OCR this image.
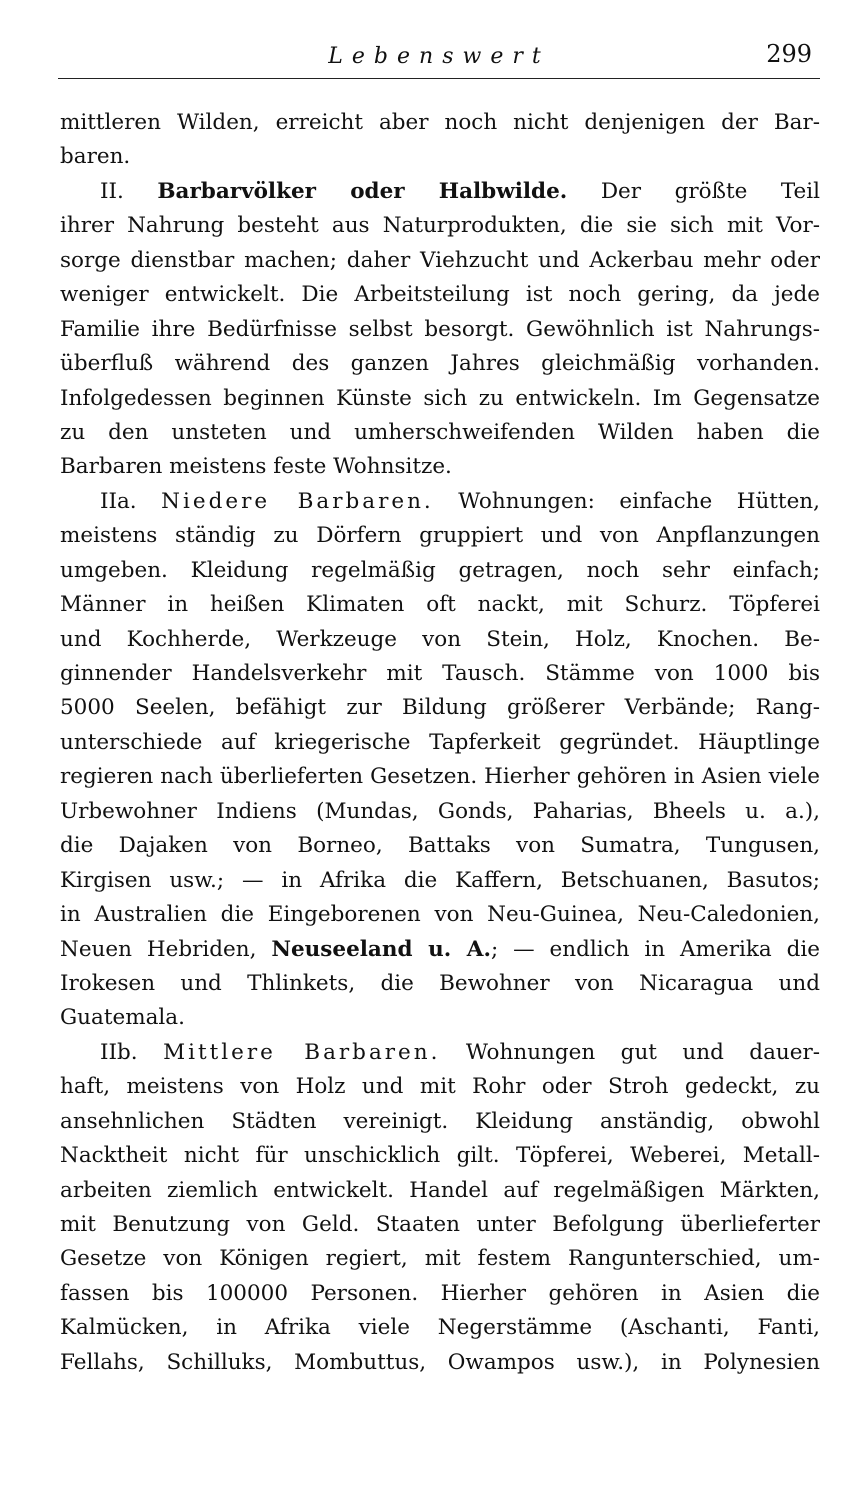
Lebenswert	299
mittleren Wilden, erreicht aber noch nicht denjenigen der Bar-
baren.
II. Barbarvölker oder Halbwilde. Der größte Teil
ihrer Nahrung besteht aus Naturprodukten, die sie sich mit Vor-
sorge dienstbar machen; daher Viehzucht und Ackerbau mehr oder
weniger entwickelt. Die Arbeitsteilung ist noch gering, da jede
Familie ihre Bedürfnisse selbst besorgt. Gewöhnlich ist Nahrungs-
überfluß während des ganzen Jahres gleichmäßig vorhanden.
Infolgedessen beginnen Künste sich zu entwickeln. Im Gegensatze
zu den unsteten und umherschweifenden Wilden haben die
Barbaren meistens feste Wohnsitze.
IIa. Niedere Barbaren. Wohnungen: einfache Hütten,
meistens ständig zu Dörfern gruppiert und von Anpflanzungen
umgeben. Kleidung regelmäßig getragen, noch sehr einfach;
Männer in heißen Klimaten oft nackt, mit Schurz. Töpferei
und Kochherde, Werkzeuge von Stein, Holz, Knochen. Be-
ginnender Handelsverkehr mit Tausch. Stämme von 1000 bis
5000 Seelen, befähigt zur Bildung größerer Verbände; Rang-
unterschiede auf kriegerische Tapferkeit gegründet. Häuptlinge
regieren nach überlieferten Gesetzen. Hierher gehören in Asien viele
Urbewohner Indiens (Mundas, Gonds, Paharias, Bheels u. a.),
die Dajaken von Borneo, Battaks von Sumatra, Tungusen,
Kirgisen usw.; — in Afrika die Kaffern, Betschuanen, Basutos;
in Australien die Eingeborenen von Neu-Guinea, Neu-Caledonien,
Neuen Hebriden, Neuseeland u. A.; — endlich in Amerika die
Irokesen und Thlinkets, die Bewohner von Nicaragua und
Guatemala.
IIb. Mittlere Barbaren. Wohnungen gut und dauer-
haft, meistens von Holz und mit Rohr oder Stroh gedeckt, zu
ansehnlichen Städten vereinigt. Kleidung anständig, obwohl
Nacktheit nicht für unschicklich gilt. Töpferei, Weberei, Metall-
arbeiten ziemlich entwickelt. Handel auf regelmäßigen Märkten,
mit Benutzung von Geld. Staaten unter Befolgung überlieferter
Gesetze von Königen regiert, mit festem Rangunterschied, um-
fassen bis 100000 Personen. Hierher gehören in Asien die
Kalmücken, in Afrika viele Negerstämme (Aschanti, Fanti,
Fellahs, Schilluks, Mombuttus, Owampos usw.), in Polynesien
